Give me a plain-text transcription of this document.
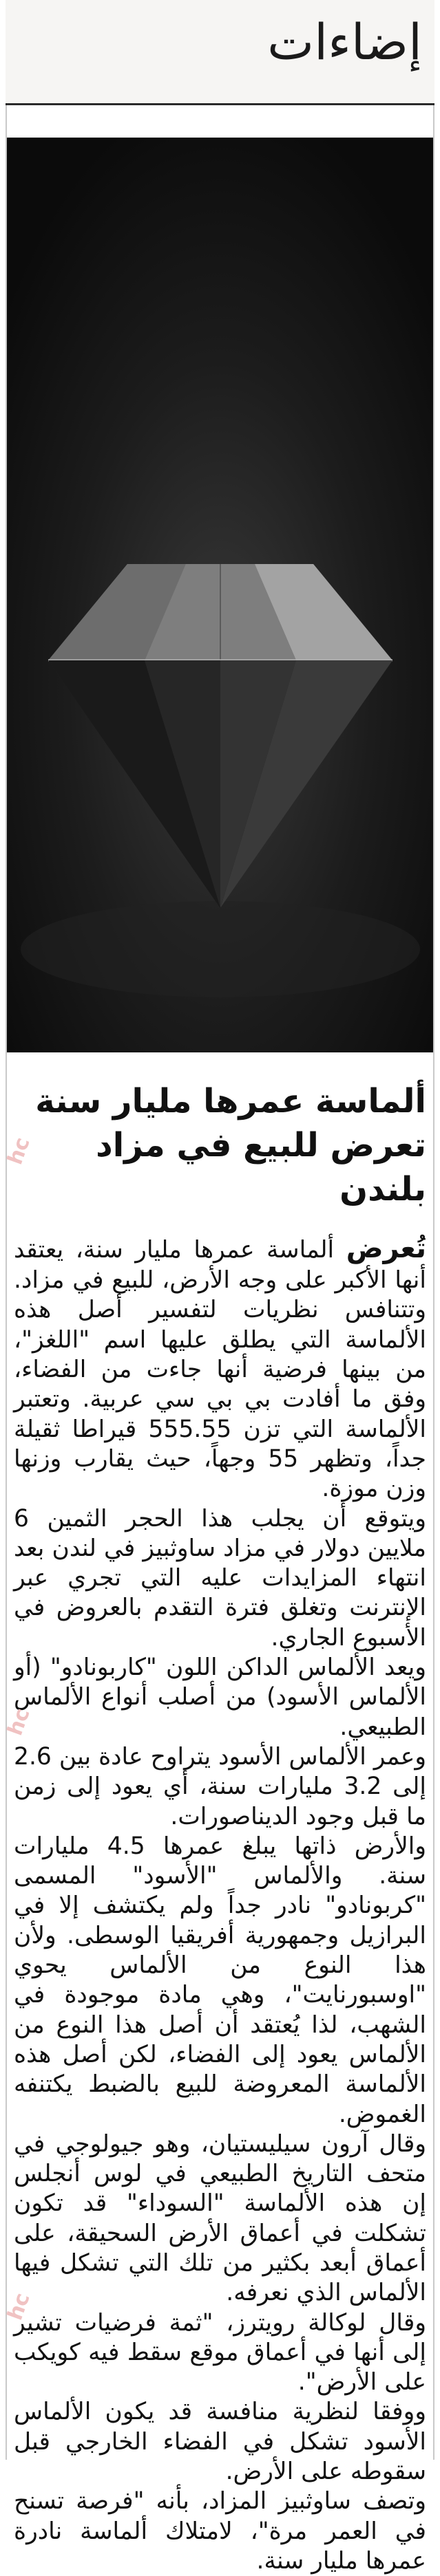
إضاءات
ألماسة عمرها مليار سنة تعرض للبيع في مزاد بلندن

تُعرض ألماسة عمرها مليار سنة، يعتقد أنها الأكبر على وجه الأرض، للبيع في مزاد. وتتنافس نظريات لتفسير أصل هذه الألماسة التي يطلق عليها اسم "اللغز"، من بينها فرضية أنها جاءت من الفضاء، وفق ما أفادت بي بي سي عربية. وتعتبر الألماسة التي تزن 555.55 قيراطا ثقيلة جداً، وتظهر 55 وجهاً، حيث يقارب وزنها وزن موزة.

ويتوقع أن يجلب هذا الحجر الثمين 6 ملايين دولار في مزاد ساوثبيز في لندن بعد انتهاء المزايدات عليه التي تجري عبر الإنترنت وتغلق فترة التقدم بالعروض في الأسبوع الجاري.

ويعد الألماس الداكن اللون "كاربونادو" (أو الألماس الأسود) من أصلب أنواع الألماس الطبيعي.

وعمر الألماس الأسود يتراوح عادة بين 2.6 إلى 3.2 مليارات سنة، أي يعود إلى زمن ما قبل وجود الديناصورات.

والأرض ذاتها يبلغ عمرها 4.5 مليارات سنة. والألماس "الأسود" المسمى "كربونادو" نادر جداً ولم يكتشف إلا في البرازيل وجمهورية أفريقيا الوسطى. ولأن هذا النوع من الألماس يحوي "اوسبورنايت"، وهي مادة موجودة في الشهب، لذا يُعتقد أن أصل هذا النوع من الألماس يعود إلى الفضاء، لكن أصل هذه الألماسة المعروضة للبيع بالضبط يكتنفه الغموض.

وقال آرون سيليستيان، وهو جيولوجي في متحف التاريخ الطبيعي في لوس أنجلس إن هذه الألماسة "السوداء" قد تكون تشكلت في أعماق الأرض السحيقة، على أعماق أبعد بكثير من تلك التي تشكل فيها الألماس الذي نعرفه.

وقال لوكالة رويترز، "ثمة فرضيات تشير إلى أنها في أعماق موقع سقط فيه كويكب على الأرض".

ووفقا لنظرية منافسة قد يكون الألماس الأسود تشكل في الفضاء الخارجي قبل سقوطه على الأرض.

وتصف ساوثبيز المزاد، بأنه "فرصة تسنح في العمر مرة"، لامتلاك ألماسة نادرة عمرها مليار سنة.

hc
hc
hc
